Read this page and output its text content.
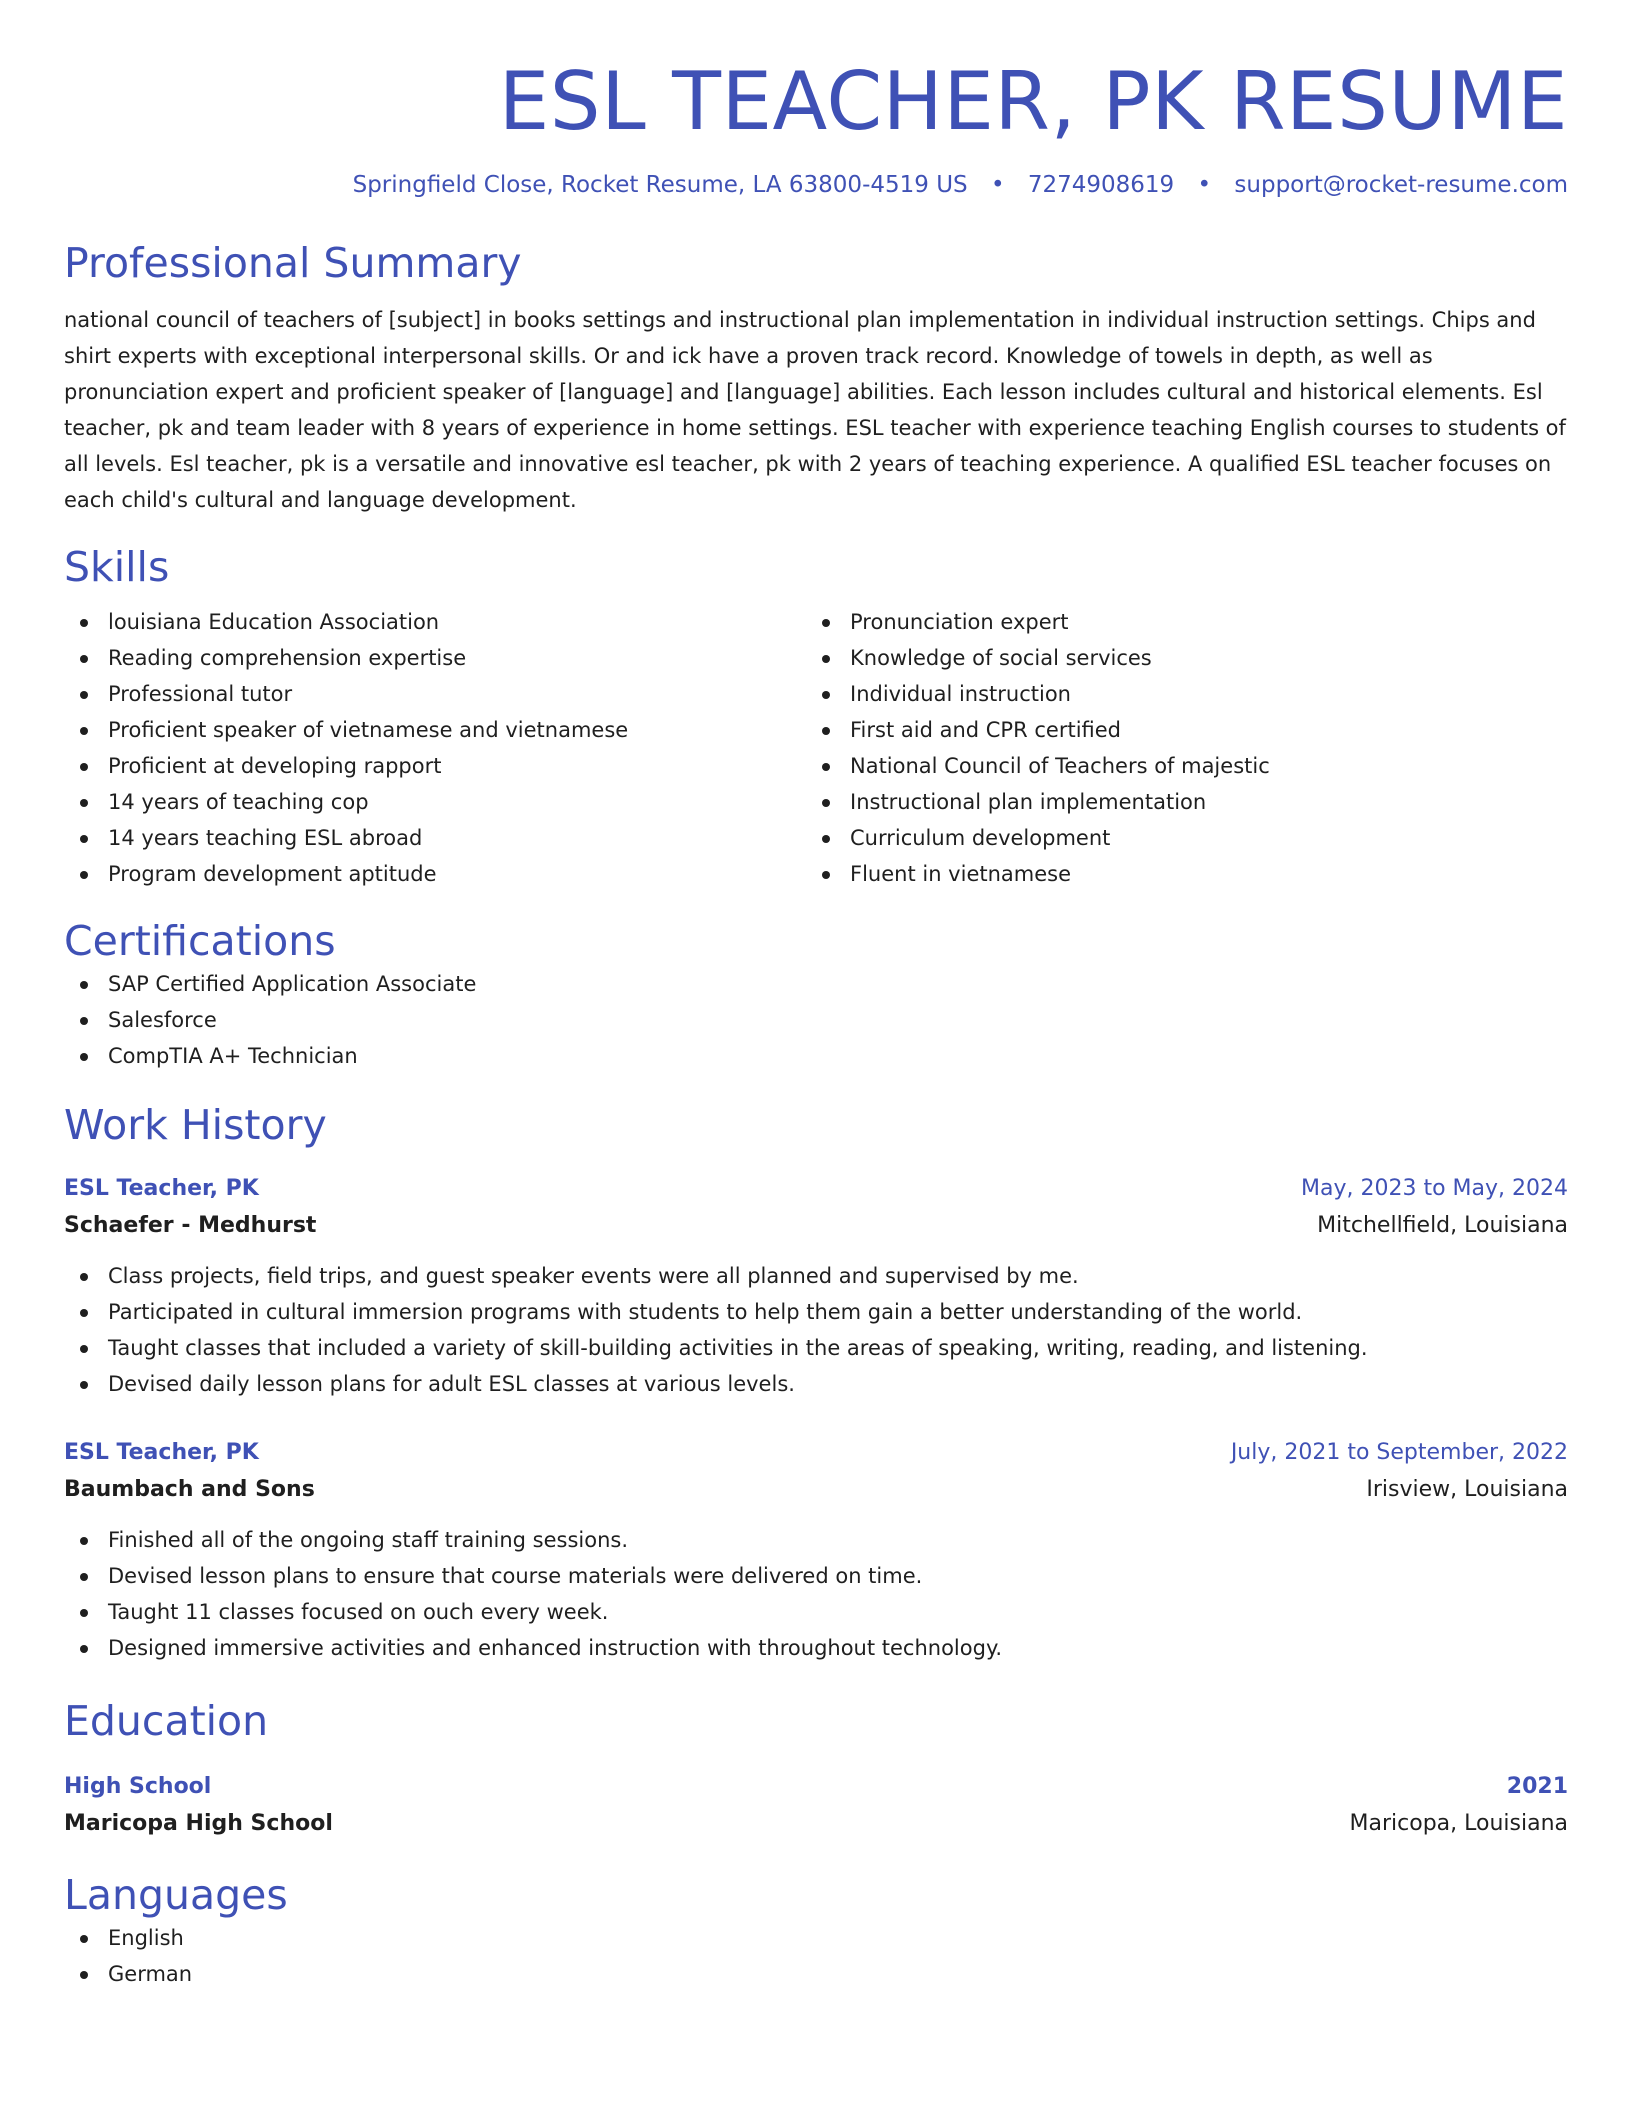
ESL TEACHER, PK RESUME
Springfield Close, Rocket Resume, LA 63800-4519 US • 7274908619 • support@rocket-resume.com
Professional Summary
national council of teachers of [subject] in books settings and instructional plan implementation in individual instruction settings. Chips and shirt experts with exceptional interpersonal skills. Or and ick have a proven track record. Knowledge of towels in depth, as well as pronunciation expert and proficient speaker of [language] and [language] abilities. Each lesson includes cultural and historical elements. Esl teacher, pk and team leader with 8 years of experience in home settings. ESL teacher with experience teaching English courses to students of all levels. Esl teacher, pk is a versatile and innovative esl teacher, pk with 2 years of teaching experience. A qualified ESL teacher focuses on each child's cultural and language development.
Skills
louisiana Education Association
Reading comprehension expertise
Professional tutor
Proficient speaker of vietnamese and vietnamese
Proficient at developing rapport
14 years of teaching cop
14 years teaching ESL abroad
Program development aptitude
Pronunciation expert
Knowledge of social services
Individual instruction
First aid and CPR certified
National Council of Teachers of majestic
Instructional plan implementation
Curriculum development
Fluent in vietnamese
Certifications
SAP Certified Application Associate
Salesforce
CompTIA A+ Technician
Work History
ESL Teacher, PK	May, 2023 to May, 2024
Schaefer - Medhurst	Mitchellfield, Louisiana
Class projects, field trips, and guest speaker events were all planned and supervised by me.
Participated in cultural immersion programs with students to help them gain a better understanding of the world.
Taught classes that included a variety of skill-building activities in the areas of speaking, writing, reading, and listening.
Devised daily lesson plans for adult ESL classes at various levels.
ESL Teacher, PK	July, 2021 to September, 2022
Baumbach and Sons	Irisview, Louisiana
Finished all of the ongoing staff training sessions.
Devised lesson plans to ensure that course materials were delivered on time.
Taught 11 classes focused on ouch every week.
Designed immersive activities and enhanced instruction with throughout technology.
Education
High School	2021
Maricopa High School	Maricopa, Louisiana
Languages
English
German
